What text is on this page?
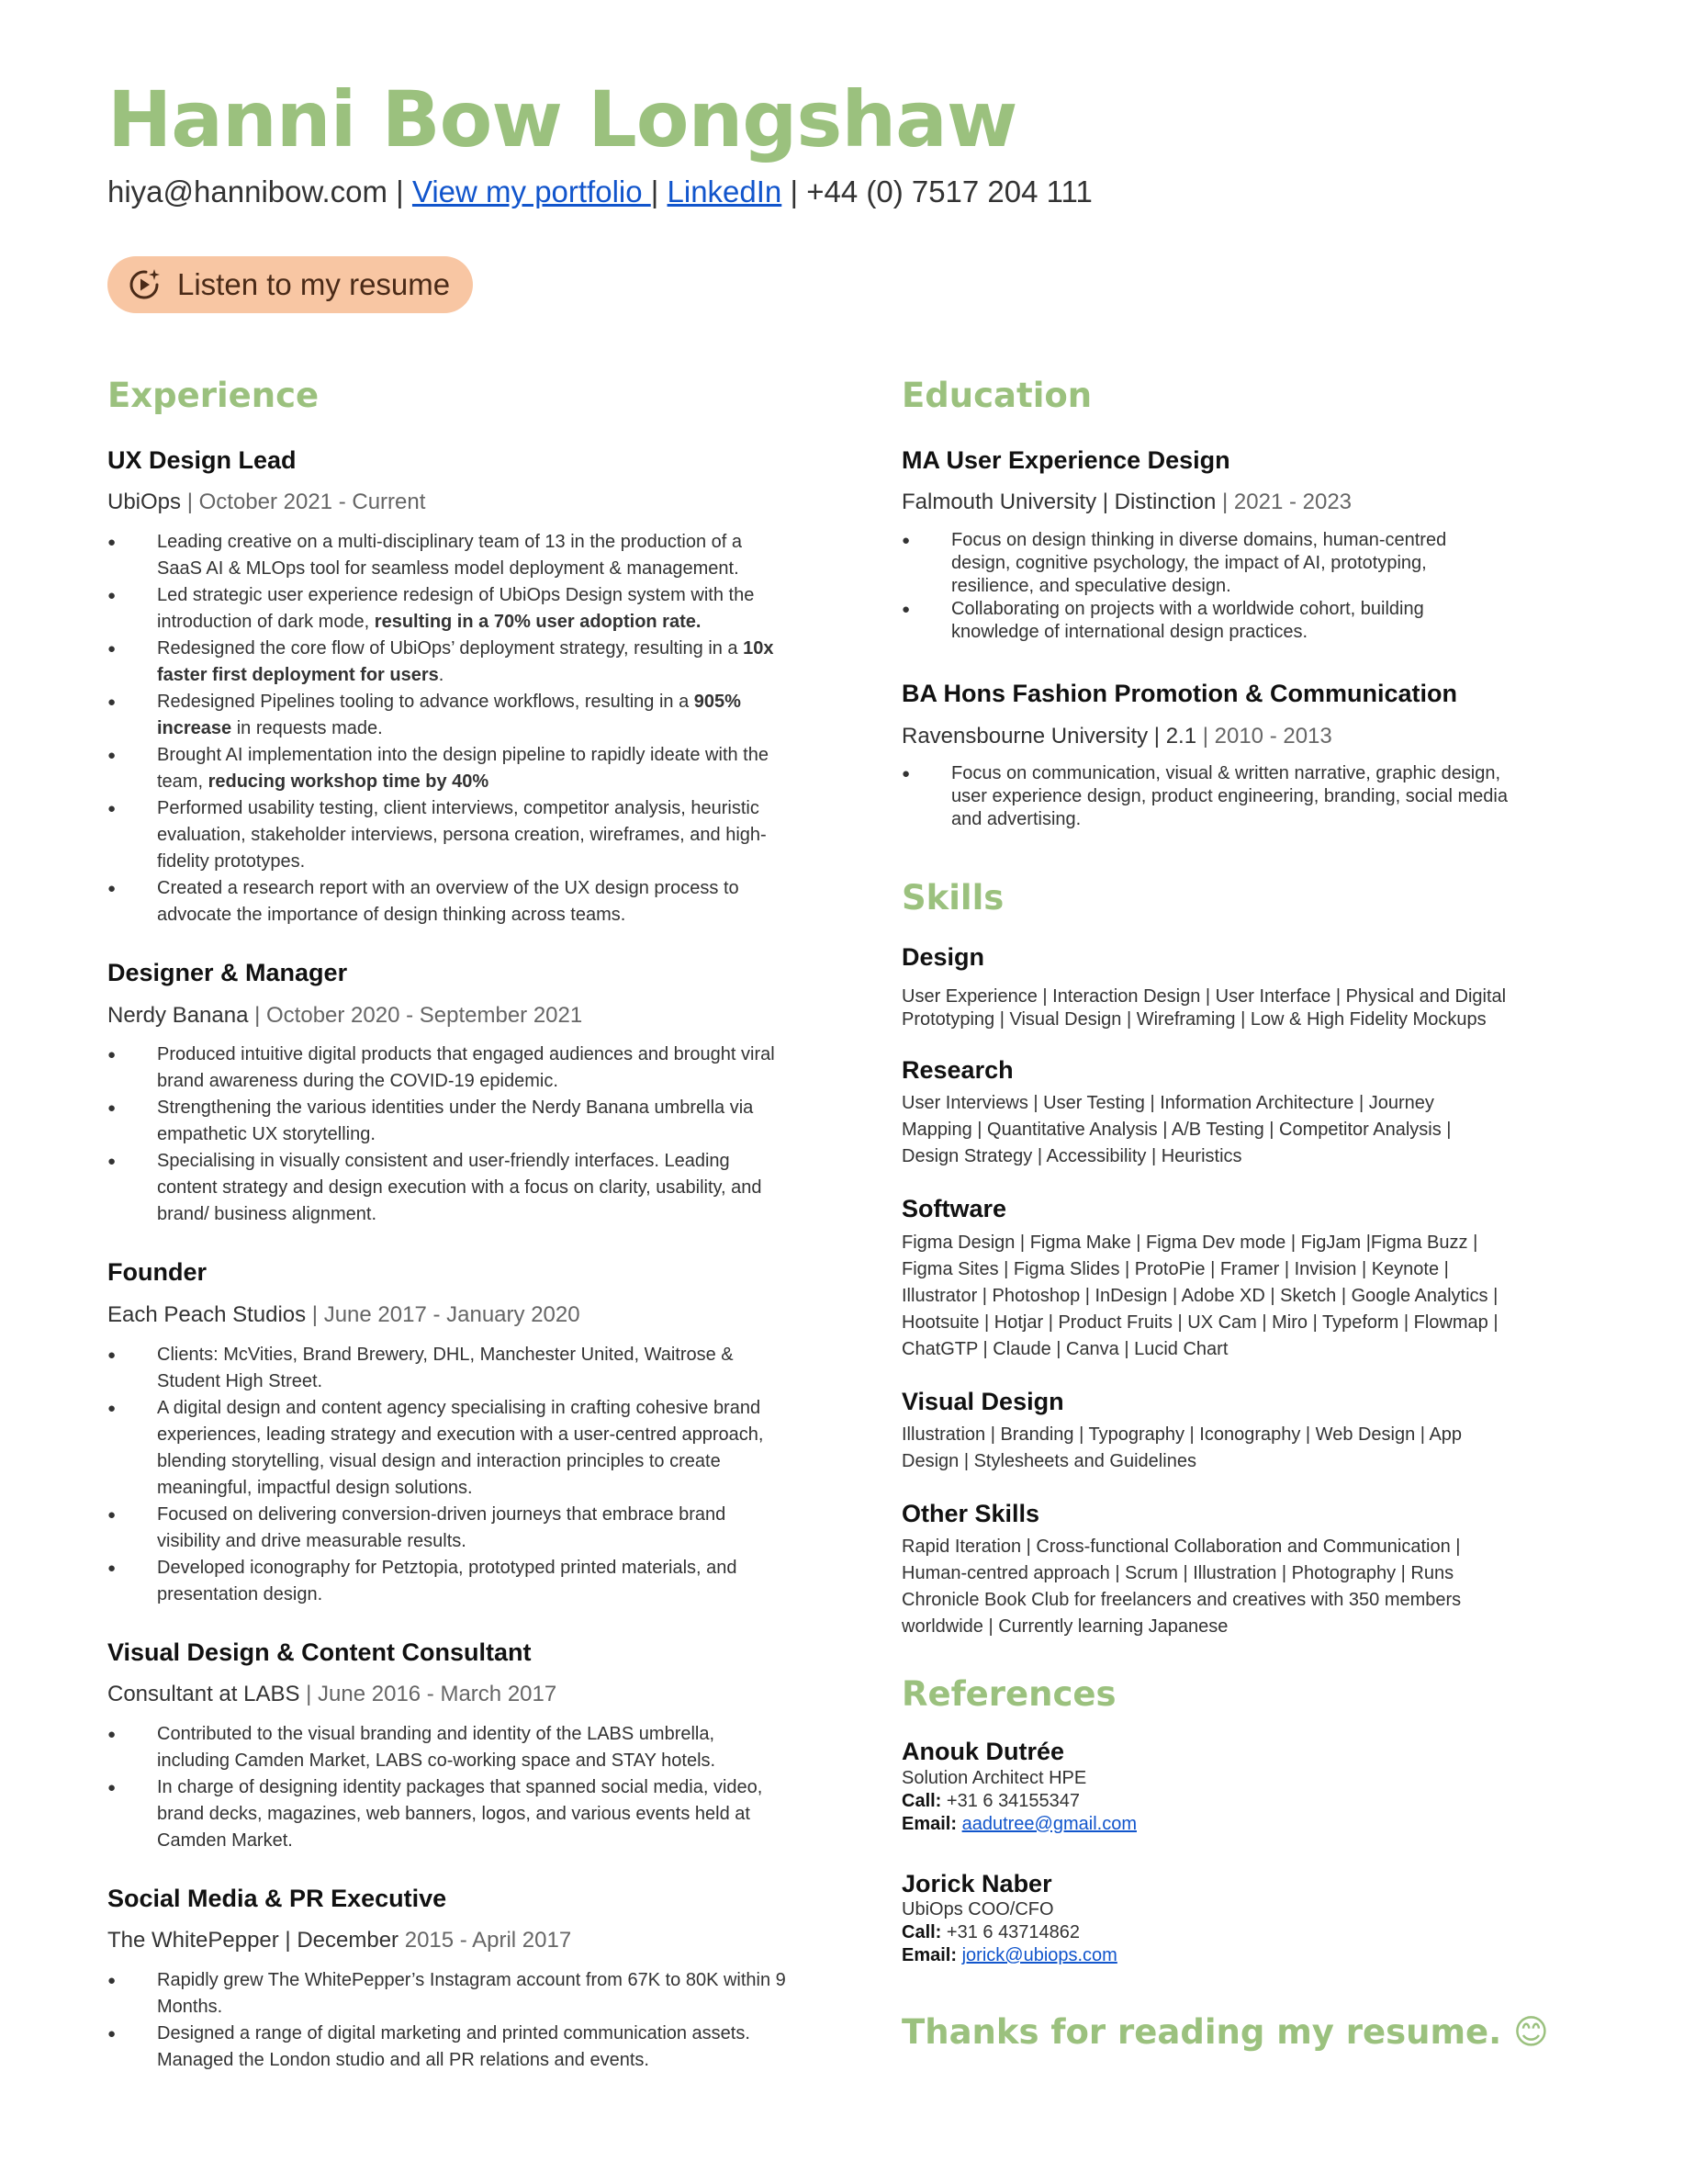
Hanni Bow Longshaw
hiya@hannibow.com | View my portfolio | LinkedIn | +44 (0) 7517 204 111
Listen to my resume
Experience
UX Design Lead
UbiOps | October 2021 - Current
● Leading creative on a multi-disciplinary team of 13 in the production of a SaaS AI & MLOps tool for seamless model deployment & management.
● Led strategic user experience redesign of UbiOps Design system with the introduction of dark mode, resulting in a 70% user adoption rate.
● Redesigned the core flow of UbiOps’ deployment strategy, resulting in a 10x faster first deployment for users.
● Redesigned Pipelines tooling to advance workflows, resulting in a 905% increase in requests made.
● Brought AI implementation into the design pipeline to rapidly ideate with the team, reducing workshop time by 40%
● Performed usability testing, client interviews, competitor analysis, heuristic evaluation, stakeholder interviews, persona creation, wireframes, and high-fidelity prototypes.
● Created a research report with an overview of the UX design process to advocate the importance of design thinking across teams.
Designer & Manager
Nerdy Banana | October 2020 - September 2021
● Produced intuitive digital products that engaged audiences and brought viral brand awareness during the COVID-19 epidemic.
● Strengthening the various identities under the Nerdy Banana umbrella via empathetic UX storytelling.
● Specialising in visually consistent and user-friendly interfaces. Leading content strategy and design execution with a focus on clarity, usability, and brand/ business alignment.
Founder
Each Peach Studios | June 2017 - January 2020
● Clients: McVities, Brand Brewery, DHL, Manchester United, Waitrose & Student High Street.
● A digital design and content agency specialising in crafting cohesive brand experiences, leading strategy and execution with a user-centred approach, blending storytelling, visual design and interaction principles to create meaningful, impactful design solutions.
● Focused on delivering conversion-driven journeys that embrace brand visibility and drive measurable results.
● Developed iconography for Petztopia, prototyped printed materials, and presentation design.
Visual Design & Content Consultant
Consultant at LABS | June 2016 - March 2017
● Contributed to the visual branding and identity of the LABS umbrella, including Camden Market, LABS co-working space and STAY hotels.
● In charge of designing identity packages that spanned social media, video, brand decks, magazines, web banners, logos, and various events held at Camden Market.
Social Media & PR Executive
The WhitePepper | December 2015 - April 2017
● Rapidly grew The WhitePepper’s Instagram account from 67K to 80K within 9 Months.
● Designed a range of digital marketing and printed communication assets. Managed the London studio and all PR relations and events.
Education
MA User Experience Design
Falmouth University | Distinction | 2021 - 2023
● Focus on design thinking in diverse domains, human-centred design, cognitive psychology, the impact of AI, prototyping, resilience, and speculative design.
● Collaborating on projects with a worldwide cohort, building knowledge of international design practices.
BA Hons Fashion Promotion & Communication
Ravensbourne University | 2.1 | 2010 - 2013
● Focus on communication, visual & written narrative, graphic design, user experience design, product engineering, branding, social media and advertising.
Skills
Design
User Experience | Interaction Design | User Interface | Physical and Digital Prototyping | Visual Design | Wireframing | Low & High Fidelity Mockups
Research
User Interviews | User Testing | Information Architecture | Journey Mapping | Quantitative Analysis | A/B Testing | Competitor Analysis | Design Strategy | Accessibility | Heuristics
Software
Figma Design | Figma Make | Figma Dev mode | FigJam |Figma Buzz | Figma Sites | Figma Slides | ProtoPie | Framer | Invision | Keynote | Illustrator | Photoshop | InDesign | Adobe XD | Sketch | Google Analytics | Hootsuite | Hotjar | Product Fruits | UX Cam | Miro | Typeform | Flowmap | ChatGTP | Claude | Canva | Lucid Chart
Visual Design
Illustration | Branding | Typography | Iconography | Web Design | App Design | Stylesheets and Guidelines
Other Skills
Rapid Iteration | Cross-functional Collaboration and Communication | Human-centred approach | Scrum | Illustration | Photography | Runs Chronicle Book Club for freelancers and creatives with 350 members worldwide | Currently learning Japanese
References
Anouk Dutrée
Solution Architect HPE
Call: +31 6 34155347
Email: aadutree@gmail.com
Jorick Naber
UbiOps COO/CFO
Call: +31 6 43714862
Email: jorick@ubiops.com
Thanks for reading my resume. 😊
